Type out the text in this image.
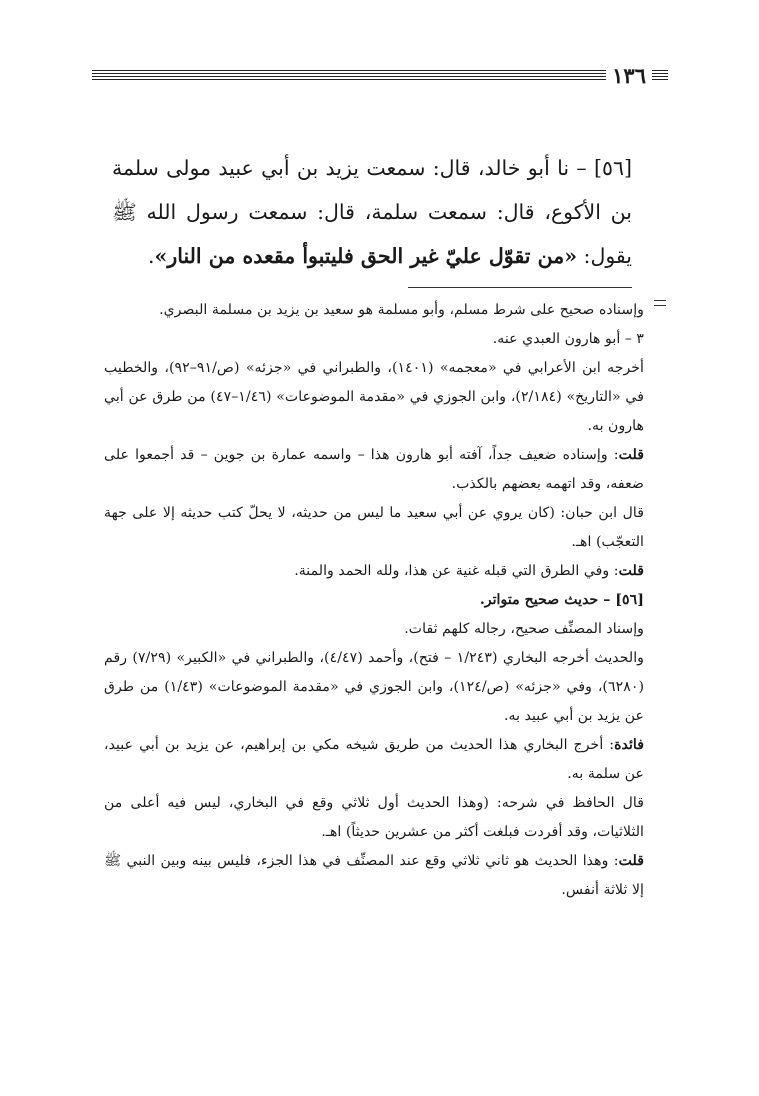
١٣٦
[٥٦] – نا أبو خالد، قال: سمعت يزيد بن أبي عبيد مولى سلمة بن الأكوع، قال: سمعت سلمة، قال: سمعت رسول الله ﷺ يقول: «من تقوّل عليّ غير الحق فليتبوأ مقعده من النار».

وإسناده صحيح على شرط مسلم، وأبو مسلمة هو سعيد بن يزيد بن مسلمة البصري.

٣ – أبو هارون العبدي عنه.

أخرجه ابن الأعرابي في «معجمه» (١٤٠١)، والطبراني في «جزئه» (ص/٩١–٩٢)، والخطيب في «التاريخ» (٢/١٨٤)، وابن الجوزي في «مقدمة الموضوعات» (١/٤٦–٤٧) من طرق عن أبي هارون به.

قلت: وإسناده ضعيف جداً، آفته أبو هارون هذا – واسمه عمارة بن جوين – قد أجمعوا على ضعفه، وقد اتهمه بعضهم بالكذب.

قال ابن حبان: (كان يروي عن أبي سعيد ما ليس من حديثه، لا يحلّ كتب حديثه إلا على جهة التعجّب) اهـ.

قلت: وفي الطرق التي قبله غنية عن هذا، ولله الحمد والمنة.

[٥٦] – حديث صحيح متواتر.

وإسناد المصنِّف صحيح، رجاله كلهم ثقات.

والحديث أخرجه البخاري (١/٢٤٣ – فتح)، وأحمد (٤/٤٧)، والطبراني في «الكبير» (٧/٢٩) رقم (٦٢٨٠)، وفي «جزئه» (ص/١٢٤)، وابن الجوزي في «مقدمة الموضوعات» (١/٤٣) من طرق عن يزيد بن أبي عبيد به.

فائدة: أخرج البخاري هذا الحديث من طريق شيخه مكي بن إبراهيم، عن يزيد بن أبي عبيد، عن سلمة به.

قال الحافظ في شرحه: (وهذا الحديث أول ثلاثي وقع في البخاري، ليس فيه أعلى من الثلاثيات، وقد أفردت فبلغت أكثر من عشرين حديثاً) اهـ.

قلت: وهذا الحديث هو ثاني ثلاثي وقع عند المصنِّف في هذا الجزء، فليس بينه وبين النبي ﷺ إلا ثلاثة أنفس.
